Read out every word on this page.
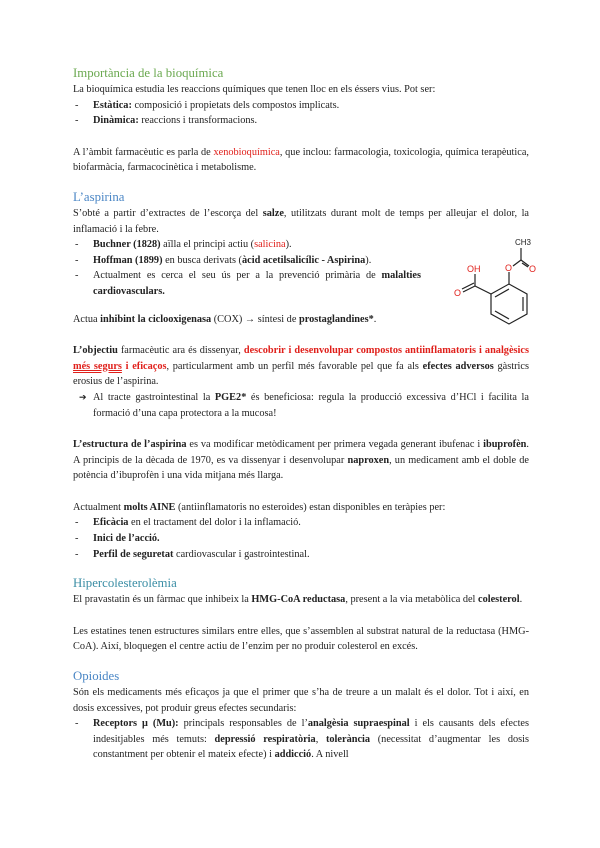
Importància de la bioquímica

La bioquímica estudia les reaccions químiques que tenen lloc en els éssers vius. Pot ser:

- Estàtica: composició i propietats dels compostos implicats.
- Dinàmica: reaccions i transformacions.

A l’àmbit farmacèutic es parla de xenobioquímica, que inclou: farmacologia, toxicologia, química terapèutica, biofarmàcia, farmacocinètica i metabolisme.

L’aspirina

S’obté a partir d’extractes de l’escorça del salze, utilitzats durant molt de temps per alleujar el dolor, la inflamació i la febre.

- Buchner (1828) aïlla el principi actiu (salicina).
- Hoffman (1899) en busca derivats (àcid acetilsalicílic - Aspirina).
- Actualment es cerca el seu ús per a la prevenció primària de malalties cardiovasculars.
CH3
O O
OH
O

Actua inhibint la ciclooxigenasa (COX) → síntesi de prostaglandines*.

L’objectiu farmacèutic ara és dissenyar, descobrir i desenvolupar compostos antiinflamatoris i analgèsics més segurs i eficaços, particularment amb un perfil més favorable pel que fa als efectes adversos gàstrics erosius de l’aspirina.

➔ Al tracte gastrointestinal la PGE2* és beneficiosa: regula la producció excessiva d’HCl i facilita la formació d’una capa protectora a la mucosa!

L’estructura de l’aspirina es va modificar metòdicament per primera vegada generant ibufenac i ibuprofèn. A principis de la dècada de 1970, es va dissenyar i desenvolupar naproxen, un medicament amb el doble de potència d’ibuprofèn i una vida mitjana més llarga.

Actualment molts AINE (antiinflamatoris no esteroides) estan disponibles en teràpies per:

- Eficàcia en el tractament del dolor i la inflamació.
- Inici de l’acció.
- Perfil de seguretat cardiovascular i gastrointestinal.
Hipercolesterolèmia

El pravastatin és un fàrmac que inhibeix la HMG-CoA reductasa, present a la via metabòlica del colesterol.

Les estatines tenen estructures similars entre elles, que s’assemblen al substrat natural de la reductasa (HMG-CoA). Així, bloquegen el centre actiu de l’enzim per no produir colesterol en excés.

Opioides

Són els medicaments més eficaços ja que el primer que s’ha de treure a un malalt és el dolor. Tot i així, en dosis excessives, pot produir greus efectes secundaris:

- Receptors μ (Mu): principals responsables de l’analgèsia supraespinal i els causants dels efectes indesitjables més temuts: depressió respiratòria, tolerància (necessitat d’augmentar les dosis constantment per obtenir el mateix efecte) i addicció. A nivell
